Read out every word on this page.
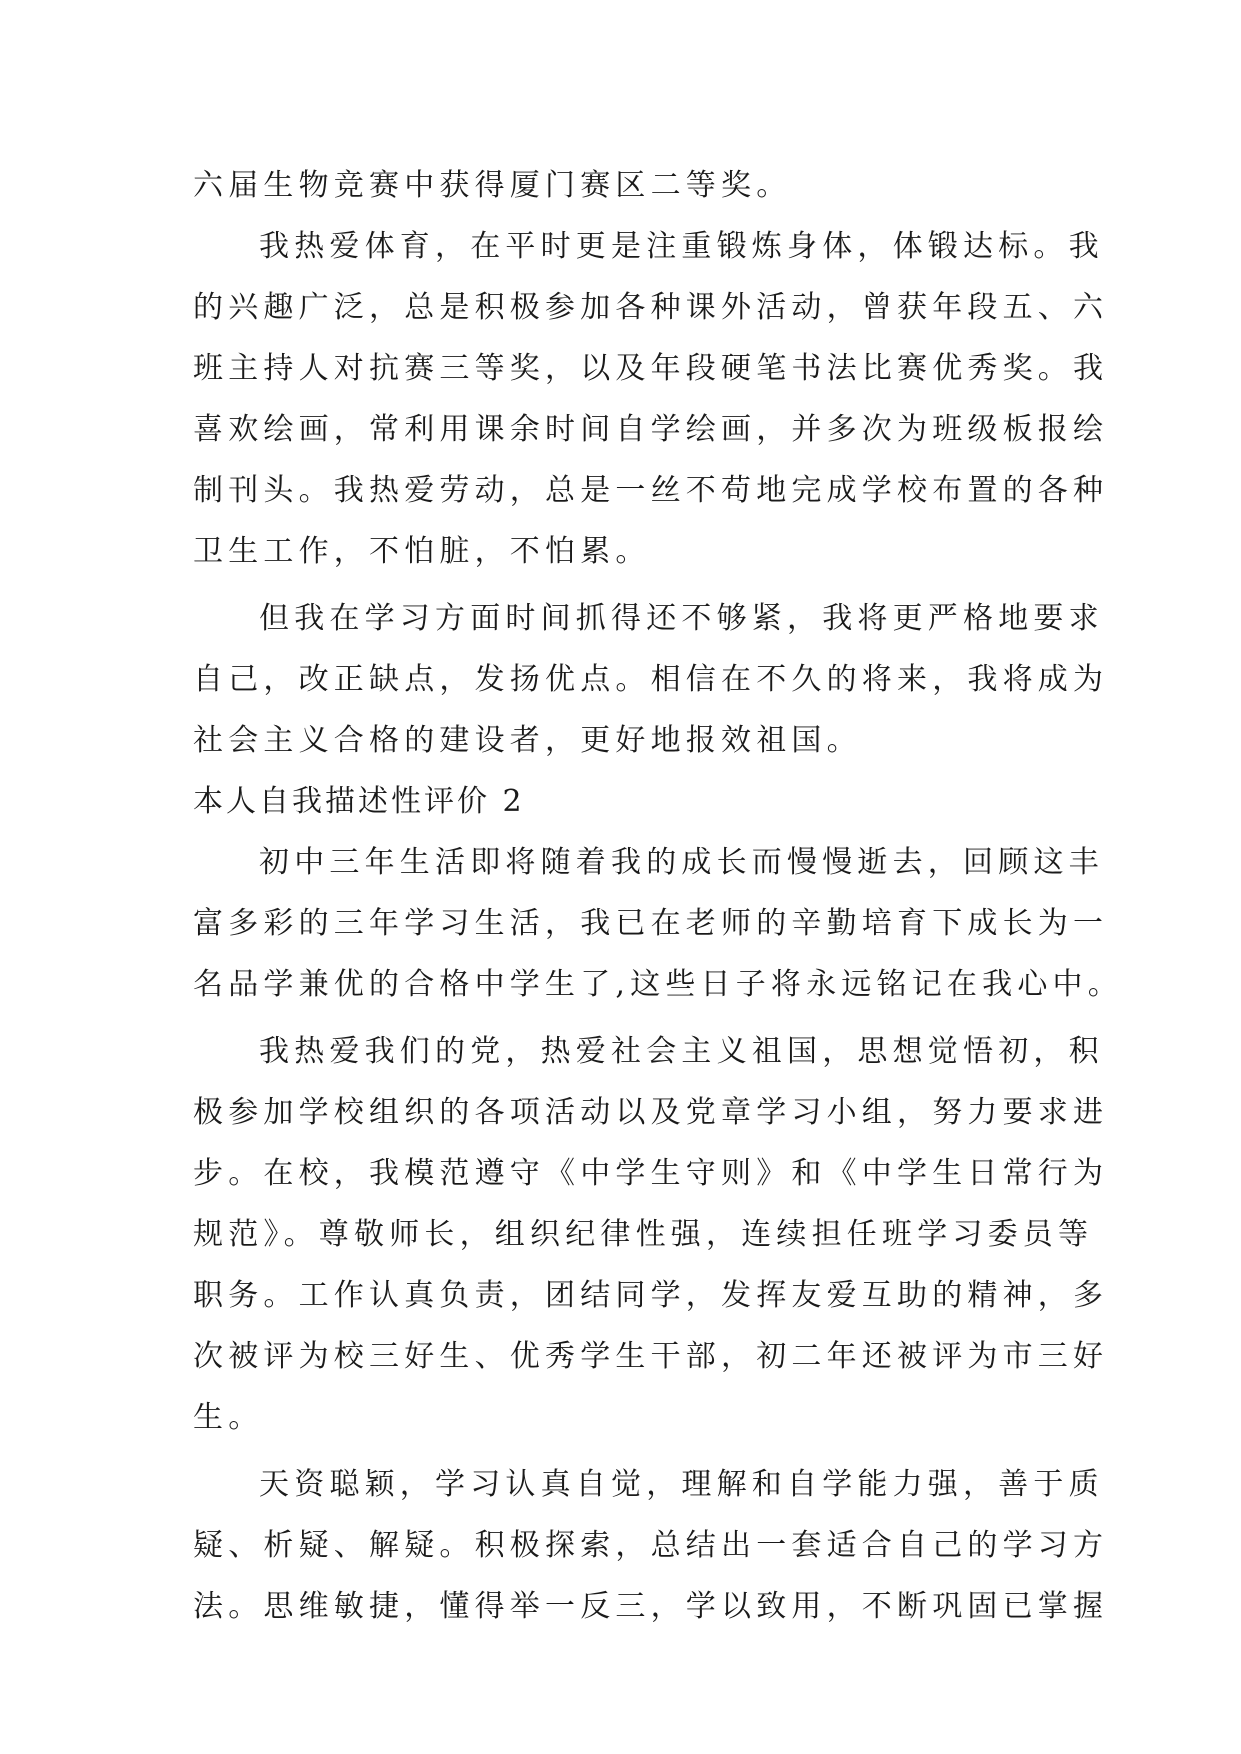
六届生物竞赛中获得厦门赛区二等奖。
我热爱体育，在平时更是注重锻炼身体，体锻达标。我
的兴趣广泛，总是积极参加各种课外活动，曾获年段五、六
班主持人对抗赛三等奖，以及年段硬笔书法比赛优秀奖。我
喜欢绘画，常利用课余时间自学绘画，并多次为班级板报绘
制刊头。我热爱劳动，总是一丝不苟地完成学校布置的各种
卫生工作，不怕脏，不怕累。
但我在学习方面时间抓得还不够紧，我将更严格地要求
自己，改正缺点，发扬优点。相信在不久的将来，我将成为
社会主义合格的建设者，更好地报效祖国。
本人自我描述性评价 2
初中三年生活即将随着我的成长而慢慢逝去，回顾这丰
富多彩的三年学习生活，我已在老师的辛勤培育下成长为一
名品学兼优的合格中学生了,这些日子将永远铭记在我心中。
我热爱我们的党，热爱社会主义祖国，思想觉悟初，积
极参加学校组织的各项活动以及党章学习小组，努力要求进
步。在校，我模范遵守《中学生守则》和《中学生日常行为
规范》。尊敬师长，组织纪律性强，连续担任班学习委员等
职务。工作认真负责，团结同学，发挥友爱互助的精神，多
次被评为校三好生、优秀学生干部，初二年还被评为市三好
生。
天资聪颖，学习认真自觉，理解和自学能力强，善于质
疑、析疑、解疑。积极探索，总结出一套适合自己的学习方
法。思维敏捷，懂得举一反三，学以致用，不断巩固已掌握
